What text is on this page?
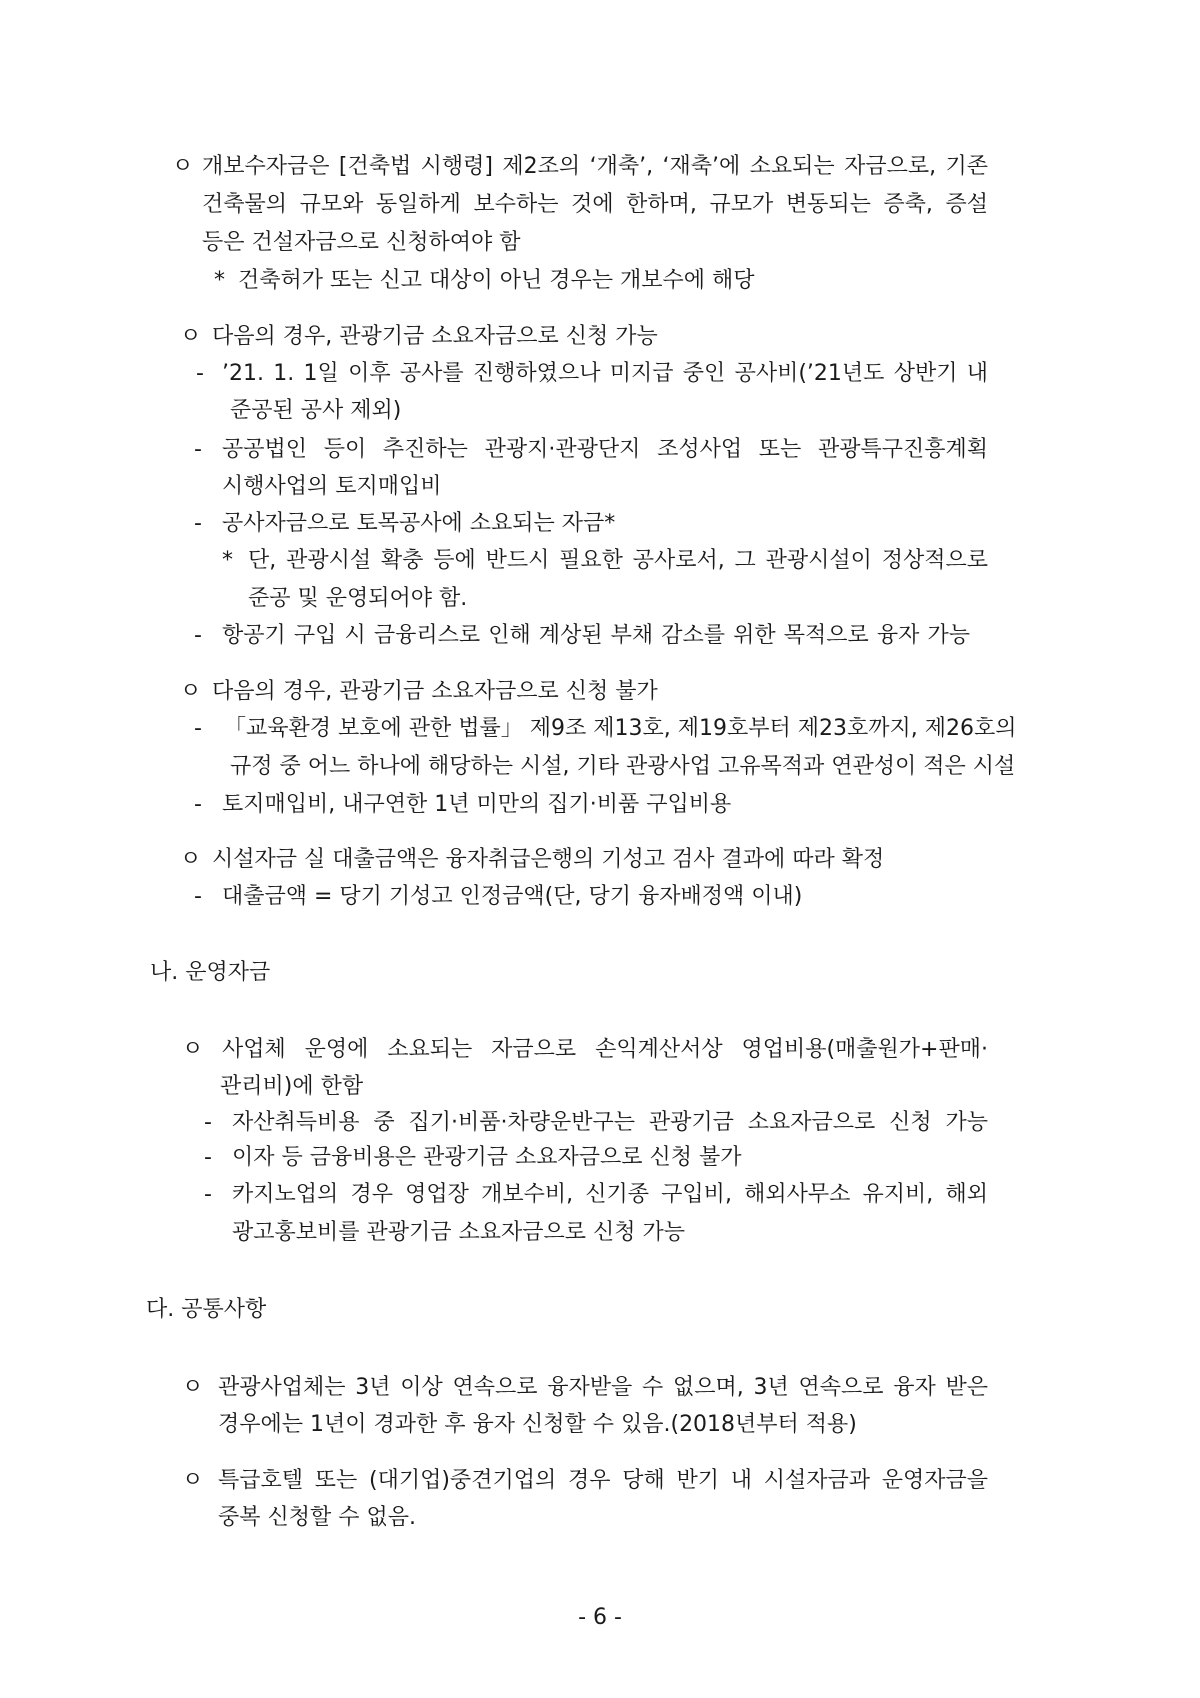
ㅇ 개보수자금은 [건축법 시행령] 제2조의 ‘개축’, ‘재축’에 소요되는 자금으로, 기존
건축물의 규모와 동일하게 보수하는 것에 한하며, 규모가 변동되는 증축, 증설
등은 건설자금으로 신청하여야 함
* 건축허가 또는 신고 대상이 아닌 경우는 개보수에 해당
ㅇ 다음의 경우, 관광기금 소요자금으로 신청 가능
- ’21. 1. 1일 이후 공사를 진행하였으나 미지급 중인 공사비(’21년도 상반기 내
준공된 공사 제외)
- 공공법인 등이 추진하는 관광지·관광단지 조성사업 또는 관광특구진흥계획
시행사업의 토지매입비
- 공사자금으로 토목공사에 소요되는 자금*
* 단, 관광시설 확충 등에 반드시 필요한 공사로서, 그 관광시설이 정상적으로
준공 및 운영되어야 함.
- 항공기 구입 시 금융리스로 인해 계상된 부채 감소를 위한 목적으로 융자 가능
ㅇ 다음의 경우, 관광기금 소요자금으로 신청 불가
- 「교육환경 보호에 관한 법률」 제9조 제13호, 제19호부터 제23호까지, 제26호의
규정 중 어느 하나에 해당하는 시설, 기타 관광사업 고유목적과 연관성이 적은 시설
- 토지매입비, 내구연한 1년 미만의 집기·비품 구입비용
ㅇ 시설자금 실 대출금액은 융자취급은행의 기성고 검사 결과에 따라 확정
- 대출금액 = 당기 기성고 인정금액(단, 당기 융자배정액 이내)
나. 운영자금
ㅇ 사업체 운영에 소요되는 자금으로 손익계산서상 영업비용(매출원가+판매·
관리비)에 한함
- 자산취득비용 중 집기·비품·차량운반구는 관광기금 소요자금으로 신청 가능
- 이자 등 금융비용은 관광기금 소요자금으로 신청 불가
- 카지노업의 경우 영업장 개보수비, 신기종 구입비, 해외사무소 유지비, 해외
광고홍보비를 관광기금 소요자금으로 신청 가능
다. 공통사항
ㅇ 관광사업체는 3년 이상 연속으로 융자받을 수 없으며, 3년 연속으로 융자 받은
경우에는 1년이 경과한 후 융자 신청할 수 있음.(2018년부터 적용)
ㅇ 특급호텔 또는 (대기업)중견기업의 경우 당해 반기 내 시설자금과 운영자금을
중복 신청할 수 없음.
- 6 -
